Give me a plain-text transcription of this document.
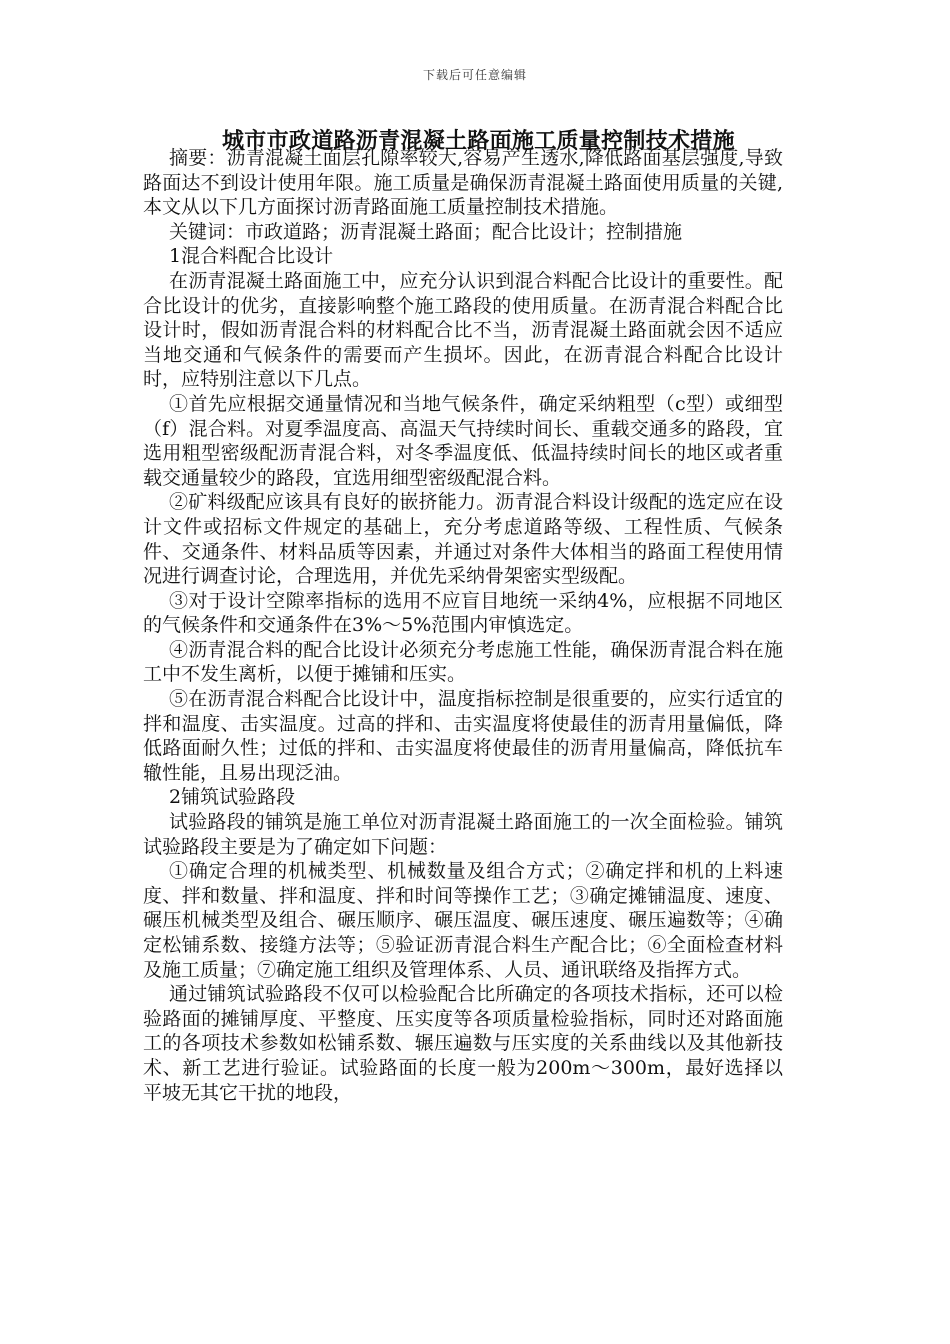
下载后可任意编辑
城市市政道路沥青混凝土路面施工质量控制技术措施

摘要：沥青混凝土面层孔隙率较大,容易产生透水,降低路面基层强度,导致路面达不到设计使用年限。施工质量是确保沥青混凝土路面使用质量的关键,本文从以下几方面探讨沥青路面施工质量控制技术措施。

关键词：市政道路；沥青混凝土路面；配合比设计；控制措施

1混合料配合比设计

在沥青混凝土路面施工中，应充分认识到混合料配合比设计的重要性。配合比设计的优劣，直接影响整个施工路段的使用质量。在沥青混合料配合比设计时，假如沥青混合料的材料配合比不当，沥青混凝土路面就会因不适应当地交通和气候条件的需要而产生损坏。因此，在沥青混合料配合比设计时，应特别注意以下几点。

①首先应根据交通量情况和当地气候条件，确定采纳粗型（c型）或细型（f）混合料。对夏季温度高、高温天气持续时间长、重载交通多的路段，宜选用粗型密级配沥青混合料，对冬季温度低、低温持续时间长的地区或者重载交通量较少的路段，宜选用细型密级配混合料。

②矿料级配应该具有良好的嵌挤能力。沥青混合料设计级配的选定应在设计文件或招标文件规定的基础上，充分考虑道路等级、工程性质、气候条件、交通条件、材料品质等因素，并通过对条件大体相当的路面工程使用情况进行调查讨论，合理选用，并优先采纳骨架密实型级配。

③对于设计空隙率指标的选用不应盲目地统一采纳4%，应根据不同地区的气候条件和交通条件在3%～5%范围内审慎选定。

④沥青混合料的配合比设计必须充分考虑施工性能，确保沥青混合料在施工中不发生离析，以便于摊铺和压实。

⑤在沥青混合料配合比设计中，温度指标控制是很重要的，应实行适宜的拌和温度、击实温度。过高的拌和、击实温度将使最佳的沥青用量偏低，降低路面耐久性；过低的拌和、击实温度将使最佳的沥青用量偏高，降低抗车辙性能，且易出现泛油。

2铺筑试验路段

试验路段的铺筑是施工单位对沥青混凝土路面施工的一次全面检验。铺筑试验路段主要是为了确定如下问题：

①确定合理的机械类型、机械数量及组合方式；②确定拌和机的上料速度、拌和数量、拌和温度、拌和时间等操作工艺；③确定摊铺温度、速度、碾压机械类型及组合、碾压顺序、碾压温度、碾压速度、碾压遍数等；④确定松铺系数、接缝方法等；⑤验证沥青混合料生产配合比；⑥全面检查材料及施工质量；⑦确定施工组织及管理体系、人员、通讯联络及指挥方式。

通过铺筑试验路段不仅可以检验配合比所确定的各项技术指标，还可以检验路面的摊铺厚度、平整度、压实度等各项质量检验指标，同时还对路面施工的各项技术参数如松铺系数、辗压遍数与压实度的关系曲线以及其他新技术、新工艺进行验证。试验路面的长度一般为200m～300m，最好选择以平坡无其它干扰的地段，
